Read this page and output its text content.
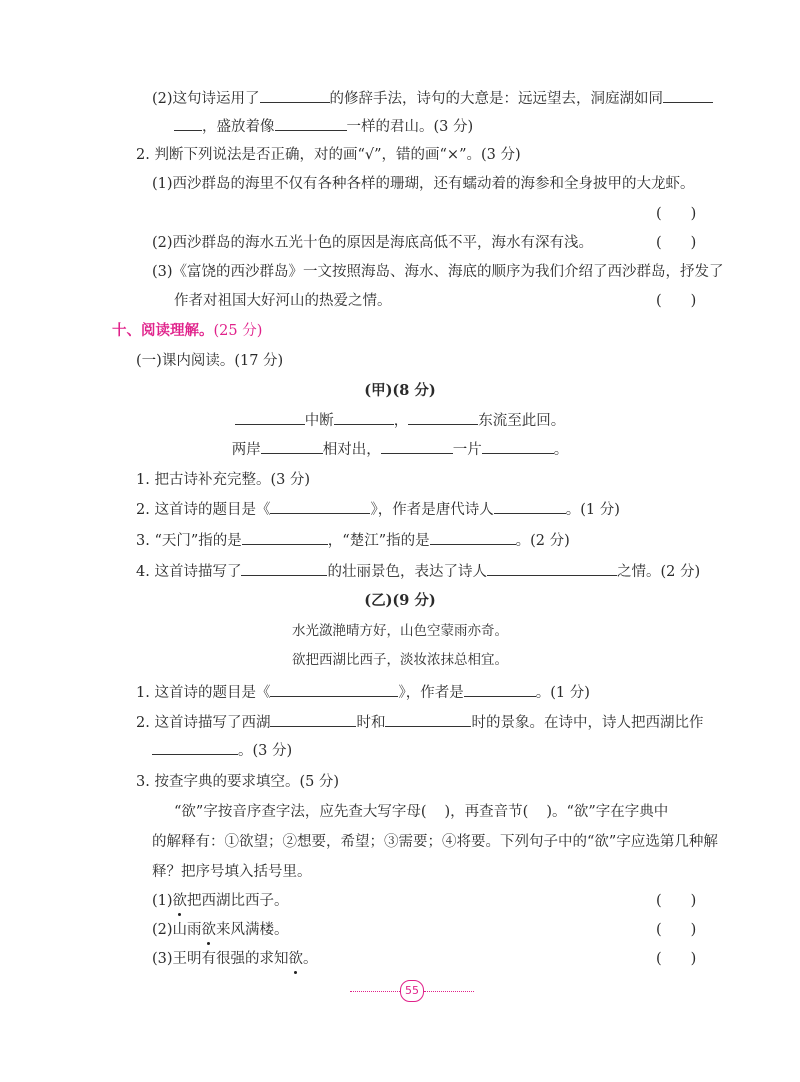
(2)这句诗运用了	的修辞手法，诗句的大意是：远远望去，洞庭湖如同
，盛放着像	一样的君山。(3 分)
2. 判断下列说法是否正确，对的画“√”，错的画“×”。(3 分)
(1)西沙群岛的海里不仅有各种各样的珊瑚，还有蠕动着的海参和全身披甲的大龙虾。
(　　)
(2)西沙群岛的海水五光十色的原因是海底高低不平，海水有深有浅。	(　　)
(3)《富饶的西沙群岛》一文按照海岛、海水、海底的顺序为我们介绍了西沙群岛，抒发了
作者对祖国大好河山的热爱之情。	(　　)
十、阅读理解。(25 分)
(一)课内阅读。(17 分)
(甲)(8 分)
中断	，	东流至此回。
两岸	相对出，	一片	。
1. 把古诗补充完整。(3 分)
2. 这首诗的题目是《	》，作者是唐代诗人	。(1 分)
3. “天门”指的是	，“楚江”指的是	。(2 分)
4. 这首诗描写了	的壮丽景色，表达了诗人	之情。(2 分)
(乙)(9 分)
水光潋滟晴方好，山色空蒙雨亦奇。
欲把西湖比西子，淡妆浓抹总相宜。
1. 这首诗的题目是《	》，作者是	。(1 分)
2. 这首诗描写了西湖	时和	时的景象。在诗中，诗人把西湖比作
。(3 分)
3. 按查字典的要求填空。(5 分)
“欲”字按音序查字法，应先查大写字母( )，再查音节( )。“欲”字在字典中
的解释有：①欲望；②想要，希望；③需要；④将要。下列句子中的“欲”字应选第几种解
释？把序号填入括号里。
(1)欲把西湖比西子。	(　　)
(2)山雨欲来风满楼。	(　　)
(3)王明有很强的求知欲。	(　　)
55
